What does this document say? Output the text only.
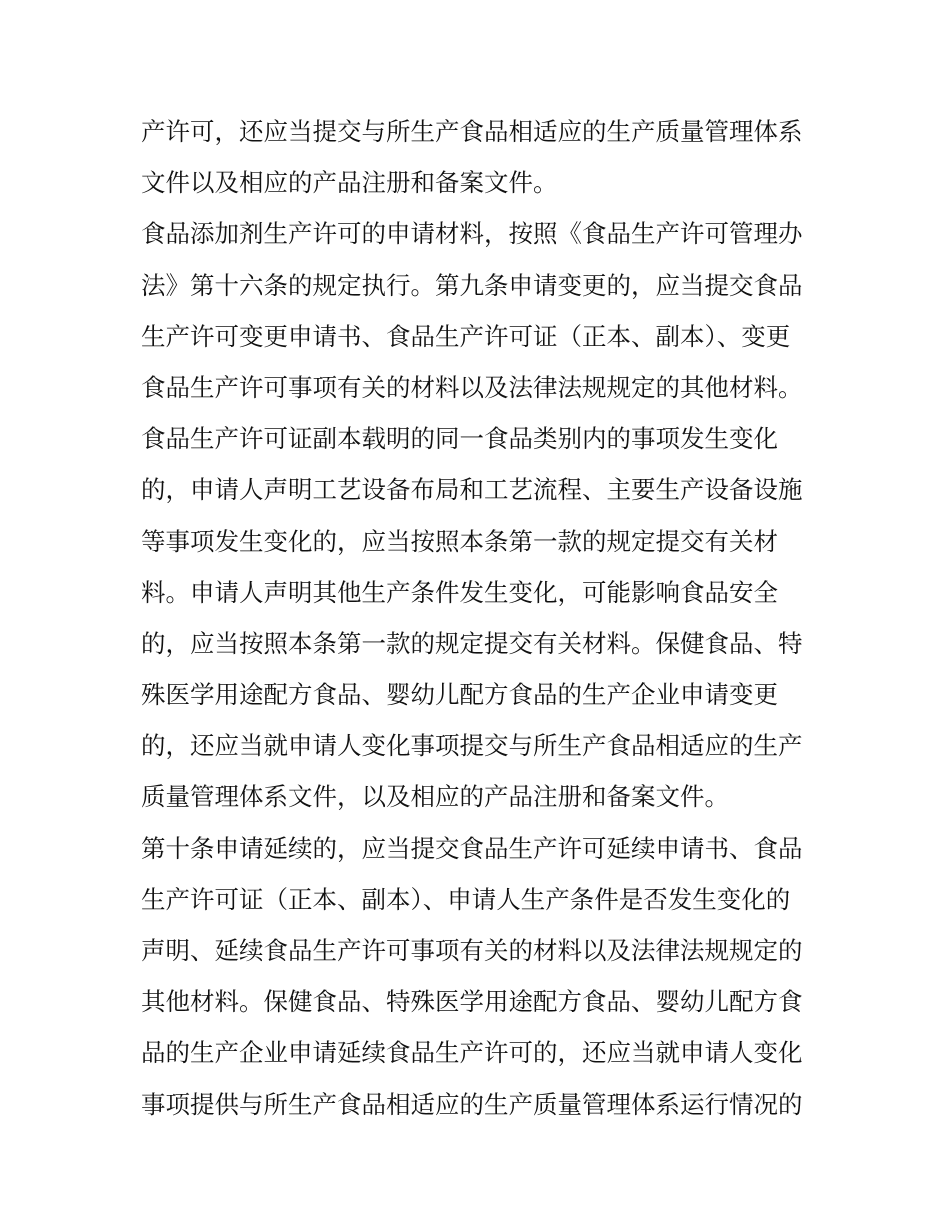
产许可，还应当提交与所生产食品相适应的生产质量管理体系
文件以及相应的产品注册和备案文件。
食品添加剂生产许可的申请材料，按照《食品生产许可管理办
法》第十六条的规定执行。第九条申请变更的，应当提交食品
生产许可变更申请书、食品生产许可证（正本、副本）、变更
食品生产许可事项有关的材料以及法律法规规定的其他材料。
食品生产许可证副本载明的同一食品类别内的事项发生变化
的，申请人声明工艺设备布局和工艺流程、主要生产设备设施
等事项发生变化的，应当按照本条第一款的规定提交有关材
料。申请人声明其他生产条件发生变化，可能影响食品安全
的，应当按照本条第一款的规定提交有关材料。保健食品、特
殊医学用途配方食品、婴幼儿配方食品的生产企业申请变更
的，还应当就申请人变化事项提交与所生产食品相适应的生产
质量管理体系文件，以及相应的产品注册和备案文件。
第十条申请延续的，应当提交食品生产许可延续申请书、食品
生产许可证（正本、副本）、申请人生产条件是否发生变化的
声明、延续食品生产许可事项有关的材料以及法律法规规定的
其他材料。保健食品、特殊医学用途配方食品、婴幼儿配方食
品的生产企业申请延续食品生产许可的，还应当就申请人变化
事项提供与所生产食品相适应的生产质量管理体系运行情况的
